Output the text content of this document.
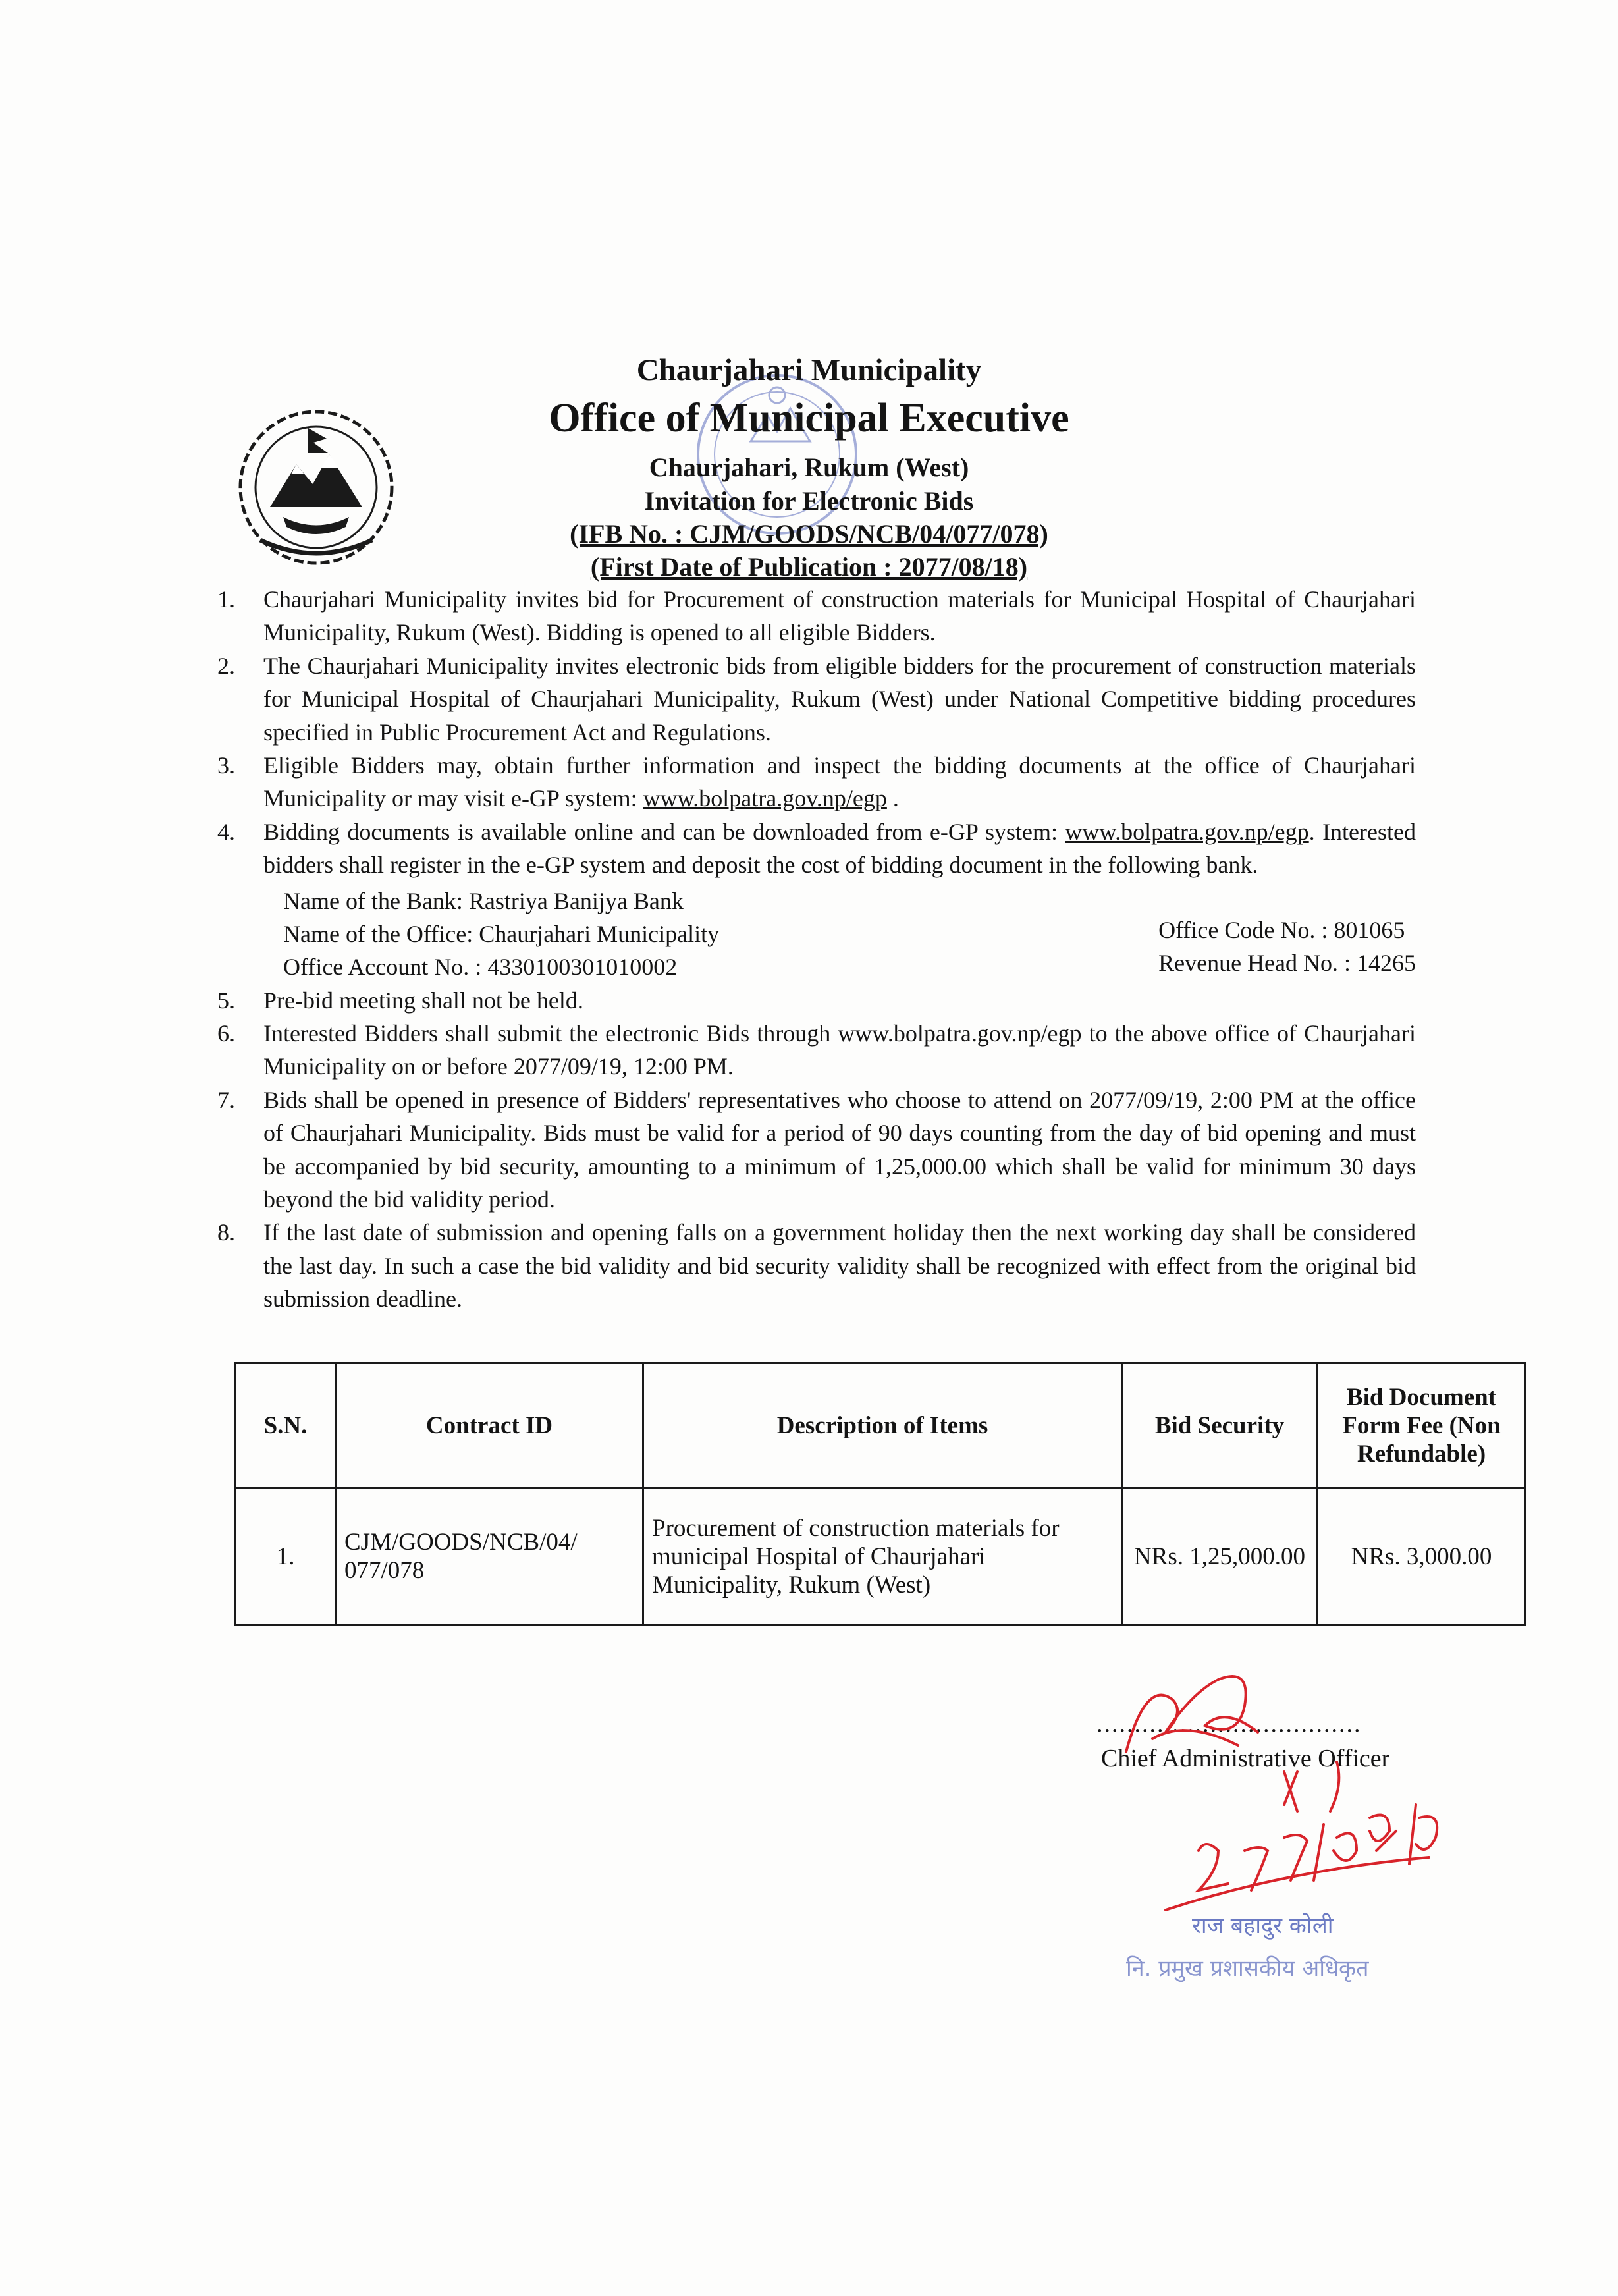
Chaurjahari Municipality
Office of Municipal Executive
Chaurjahari, Rukum (West)
Invitation for Electronic Bids
(IFB No. : CJM/GOODS/NCB/04/077/078)
(First Date of Publication : 2077/08/18)
1.	Chaurjahari Municipality invites bid for Procurement of construction materials for Municipal Hospital of Chaurjahari Municipality, Rukum (West). Bidding is opened to all eligible Bidders.
2.	The Chaurjahari Municipality invites electronic bids from eligible bidders for the procurement of construction materials for Municipal Hospital of Chaurjahari Municipality, Rukum (West) under National Competitive bidding procedures specified in Public Procurement Act and Regulations.
3.	Eligible Bidders may, obtain further information and inspect the bidding documents at the office of Chaurjahari Municipality or may visit e-GP system: www.bolpatra.gov.np/egp .
4.	Bidding documents is available online and can be downloaded from e-GP system: www.bolpatra.gov.np/egp. Interested bidders shall register in the e-GP system and deposit the cost of bidding document in the following bank.
Name of the Bank: Rastriya Banijya Bank
Name of the Office: Chaurjahari Municipality
Office Account No. : 4330100301010002
Office Code No. : 801065
Revenue Head No. : 14265
5.	Pre-bid meeting shall not be held.
6.	Interested Bidders shall submit the electronic Bids through www.bolpatra.gov.np/egp to the above office of Chaurjahari Municipality on or before 2077/09/19, 12:00 PM.
7.	Bids shall be opened in presence of Bidders' representatives who choose to attend on 2077/09/19, 2:00 PM at the office of Chaurjahari Municipality. Bids must be valid for a period of 90 days counting from the day of bid opening and must be accompanied by bid security, amounting to a minimum of 1,25,000.00 which shall be valid for minimum 30 days beyond the bid validity period.
8.	If the last date of submission and opening falls on a government holiday then the next working day shall be considered the last day. In such a case the bid validity and bid security validity shall be recognized with effect from the original bid submission deadline.
S.N.	Contract ID	Description of Items	Bid Security	Bid Document Form Fee (Non Refundable)
1.	CJM/GOODS/NCB/04/ 077/078	Procurement of construction materials for municipal Hospital of Chaurjahari Municipality, Rukum (West)	NRs. 1,25,000.00	NRs. 3,000.00
...................................
Chief Administrative Officer
राज बहादुर कोली
नि. प्रमुख प्रशासकीय अधिकृत
